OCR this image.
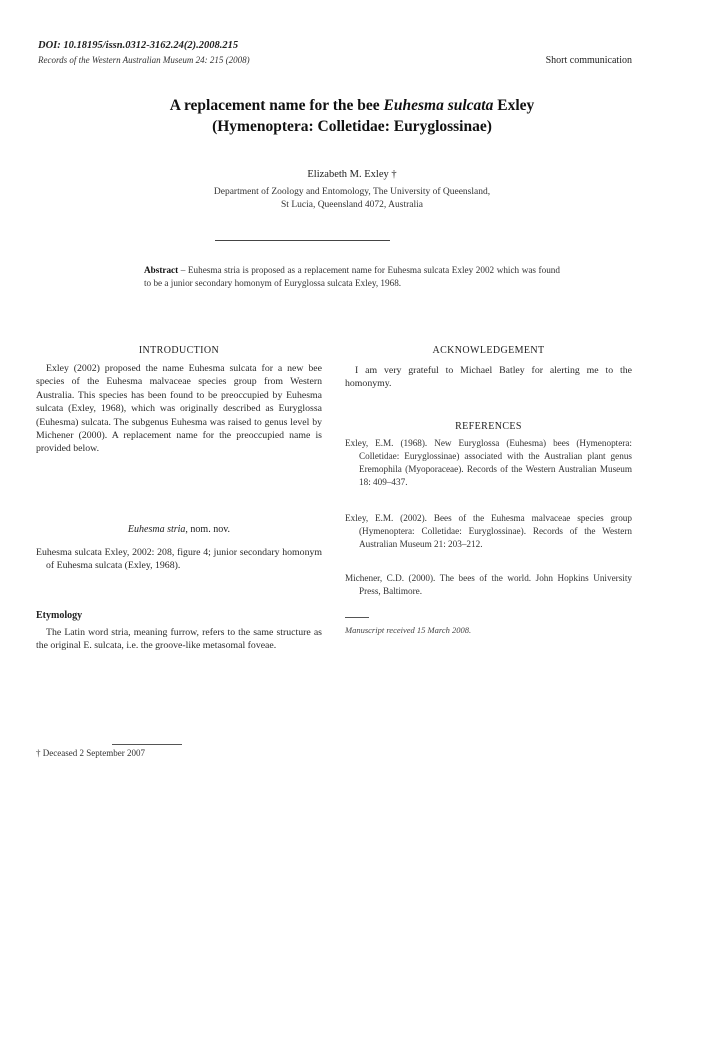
DOI: 10.18195/issn.0312-3162.24(2).2008.215
Records of the Western Australian Museum 24: 215 (2008)	Short communication
A replacement name for the bee Euhesma sulcata Exley
(Hymenoptera: Colletidae: Euryglossinae)
Elizabeth M. Exley †
Department of Zoology and Entomology, The University of Queensland,
St Lucia, Queensland 4072, Australia
Abstract – Euhesma stria is proposed as a replacement name for Euhesma sulcata Exley 2002 which was found to be a junior secondary homonym of Euryglossa sulcata Exley, 1968.
INTRODUCTION
Exley (2002) proposed the name Euhesma sulcata for a new bee species of the Euhesma malvaceae species group from Western Australia. This species has been found to be preoccupied by Euhesma sulcata (Exley, 1968), which was originally described as Euryglossa (Euhesma) sulcata. The subgenus Euhesma was raised to genus level by Michener (2000). A replacement name for the preoccupied name is provided below.
Euhesma stria, nom. nov.
Euhesma sulcata Exley, 2002: 208, figure 4; junior secondary homonym of Euhesma sulcata (Exley, 1968).
Etymology
The Latin word stria, meaning furrow, refers to the same structure as the original E. sulcata, i.e. the groove-like metasomal foveae.
† Deceased 2 September 2007
ACKNOWLEDGEMENT
I am very grateful to Michael Batley for alerting me to the homonymy.
REFERENCES
Exley, E.M. (1968). New Euryglossa (Euhesma) bees (Hymenoptera: Colletidae: Euryglossinae) associated with the Australian plant genus Eremophila (Myoporaceae). Records of the Western Australian Museum 18: 409–437.
Exley, E.M. (2002). Bees of the Euhesma malvaceae species group (Hymenoptera: Colletidae: Euryglossinae). Records of the Western Australian Museum 21: 203–212.
Michener, C.D. (2000). The bees of the world. John Hopkins University Press, Baltimore.
Manuscript received 15 March 2008.
